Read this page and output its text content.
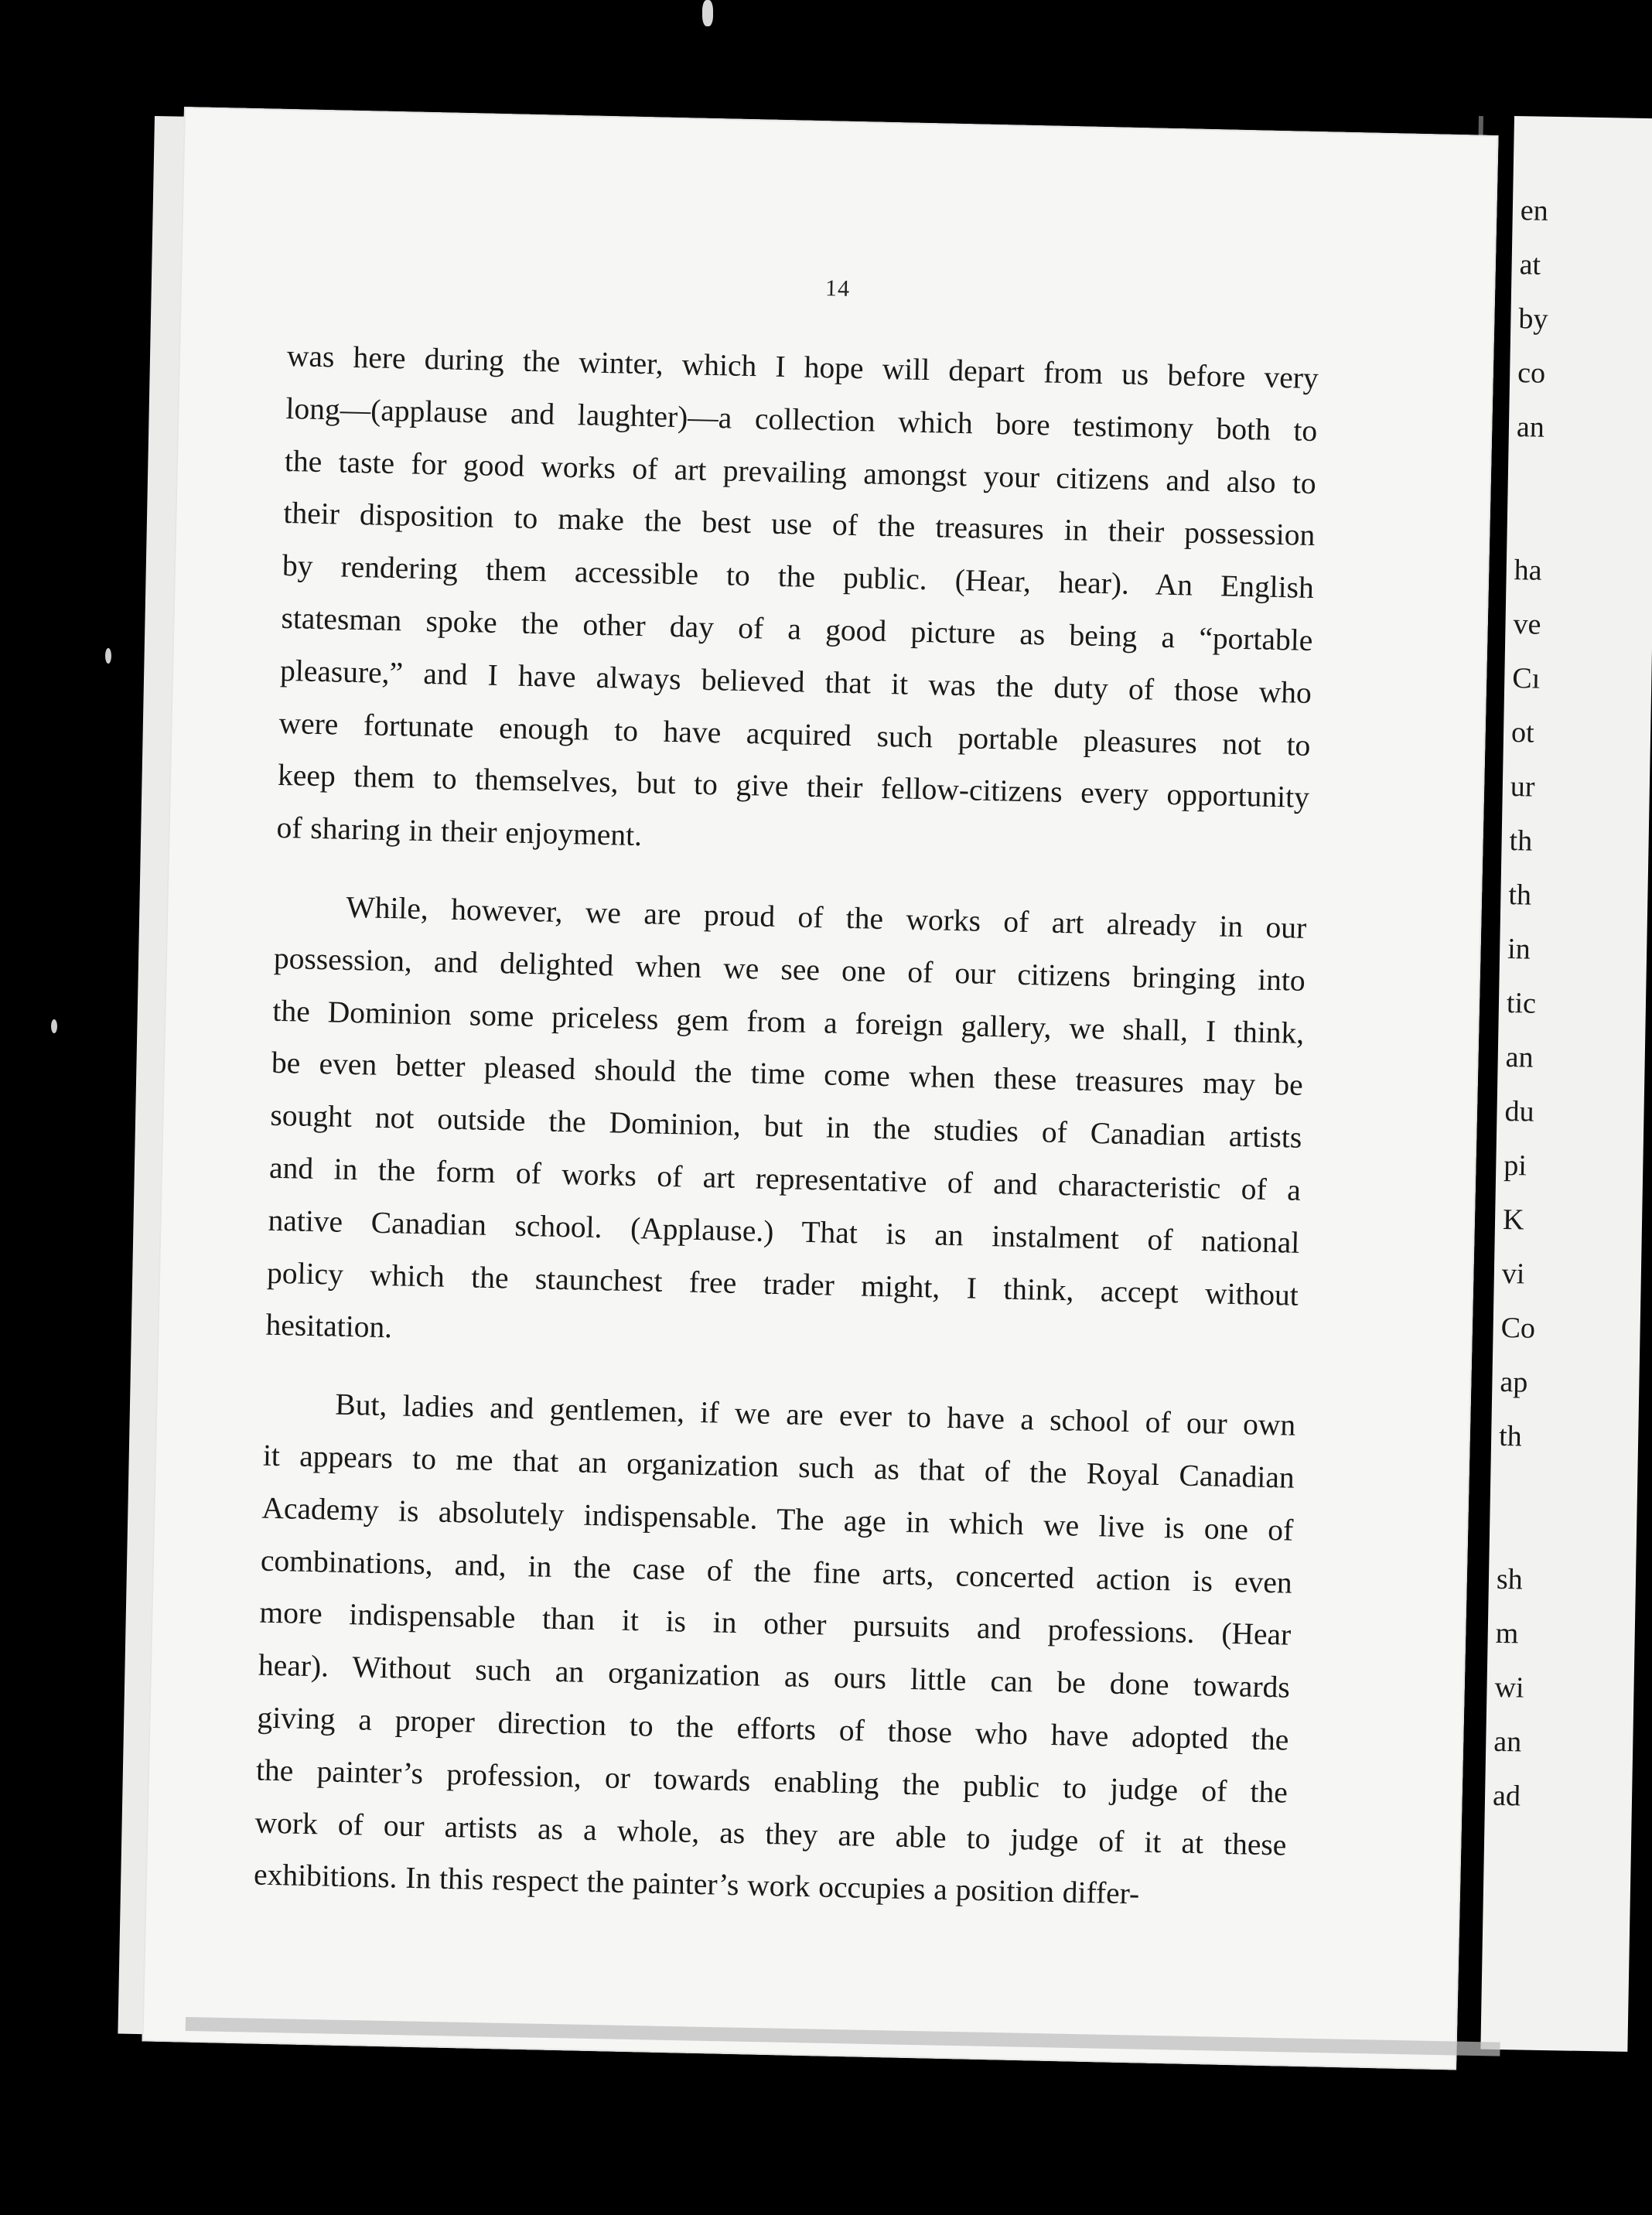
en
at
by
co
an
ha
ve
Cı
ot
ur
th
th
in
tic
an
du
pi
K
vi
Co
ap
th
sh
m
wi
an
ad
14
was here during the winter, which I hope will depart from us before very
long—(applause and laughter)—a collection which bore testimony both to
the taste for good works of art prevailing amongst your citizens and also to
their disposition to make the best use of the treasures in their possession
by rendering them accessible to the public. (Hear, hear). An English
statesman spoke the other day of a good picture as being a “portable
pleasure,” and I have always believed that it was the duty of those who
were fortunate enough to have acquired such portable pleasures not to
keep them to themselves, but to give their fellow-citizens every opportunity
of sharing in their enjoyment.
While, however, we are proud of the works of art already in our
possession, and delighted when we see one of our citizens bringing into
the Dominion some priceless gem from a foreign gallery, we shall, I think,
be even better pleased should the time come when these treasures may be
sought not outside the Dominion, but in the studies of Canadian artists
and in the form of works of art representative of and characteristic of a
native Canadian school. (Applause.) That is an instalment of national
policy which the staunchest free trader might, I think, accept without
hesitation.
But, ladies and gentlemen, if we are ever to have a school of our own
it appears to me that an organization such as that of the Royal Canadian
Academy is absolutely indispensable. The age in which we live is one of
combinations, and, in the case of the fine arts, concerted action is even
more indispensable than it is in other pursuits and professions. (Hear
hear). Without such an organization as ours little can be done towards
giving a proper direction to the efforts of those who have adopted the
the painter’s profession, or towards enabling the public to judge of the
work of our artists as a whole, as they are able to judge of it at these
exhibitions. In this respect the painter’s work occupies a position differ-
